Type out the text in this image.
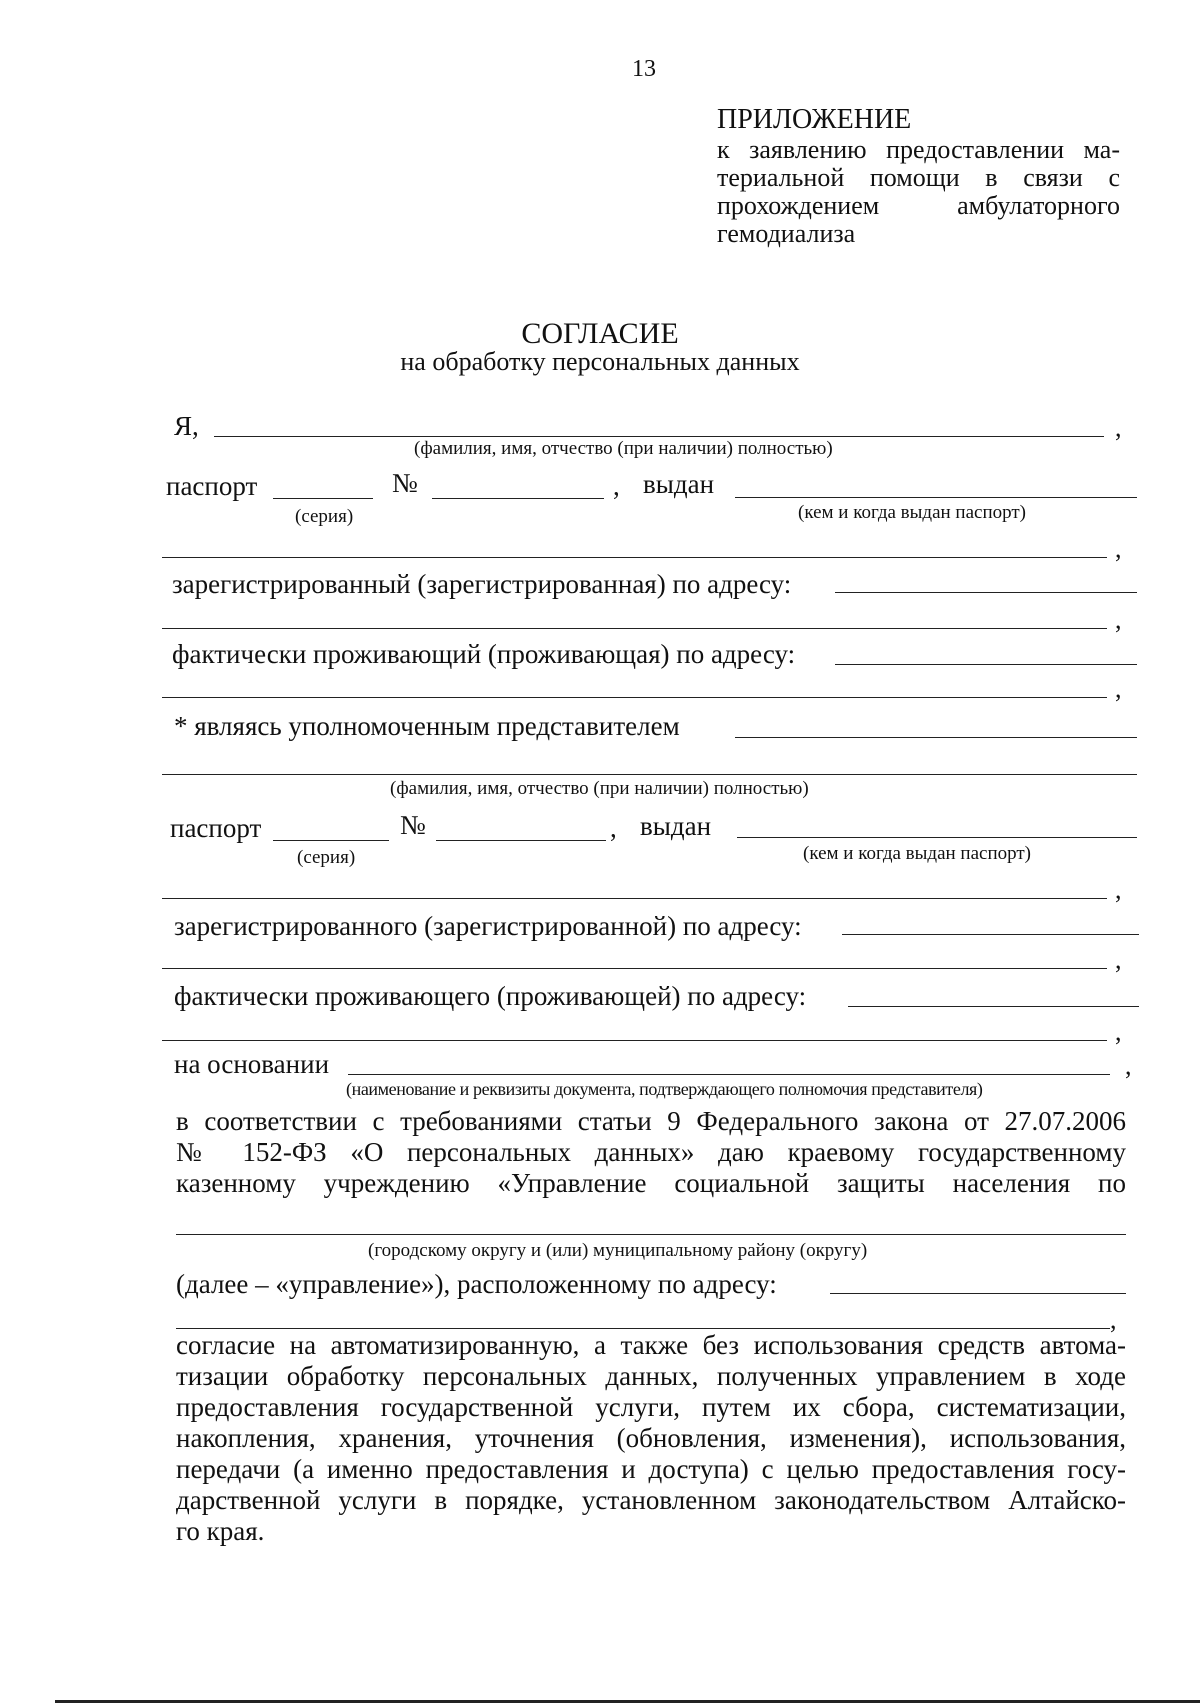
13
ПРИЛОЖЕНИЕ
к заявлению предоставлении ма-
териальной помощи в связи с
прохождением амбулаторного
гемодиализа
СОГЛАСИЕ
на обработку персональных данных
Я,	,
(фамилия, имя, отчество (при наличии) полностью)
паспорт	№	, выдан
(серия)	(кем и когда выдан паспорт)
,
зарегистрированный (зарегистрированная) по адресу:
,
фактически проживающий (проживающая) по адресу:
,
* являясь уполномоченным представителем
(фамилия, имя, отчество (при наличии) полностью)
паспорт	№	, выдан
(серия)	(кем и когда выдан паспорт)
,
зарегистрированного (зарегистрированной) по адресу:
,
фактически проживающего (проживающей) по адресу:
,
на основании	,
(наименование и реквизиты документа, подтверждающего полномочия представителя)
в соответствии с требованиями статьи 9 Федерального закона от 27.07.2006
№ 152-ФЗ «О персональных данных» даю краевому государственному
казенному учреждению «Управление социальной защиты населения по
(городскому округу и (или) муниципальному району (округу)
(далее – «управление»), расположенному по адресу:
,
согласие на автоматизированную, а также без использования средств автома-
тизации обработку персональных данных, полученных управлением в ходе
предоставления государственной услуги, путем их сбора, систематизации,
накопления, хранения, уточнения (обновления, изменения), использования,
передачи (а именно предоставления и доступа) с целью предоставления госу-
дарственной услуги в порядке, установленном законодательством Алтайско-
го края.
